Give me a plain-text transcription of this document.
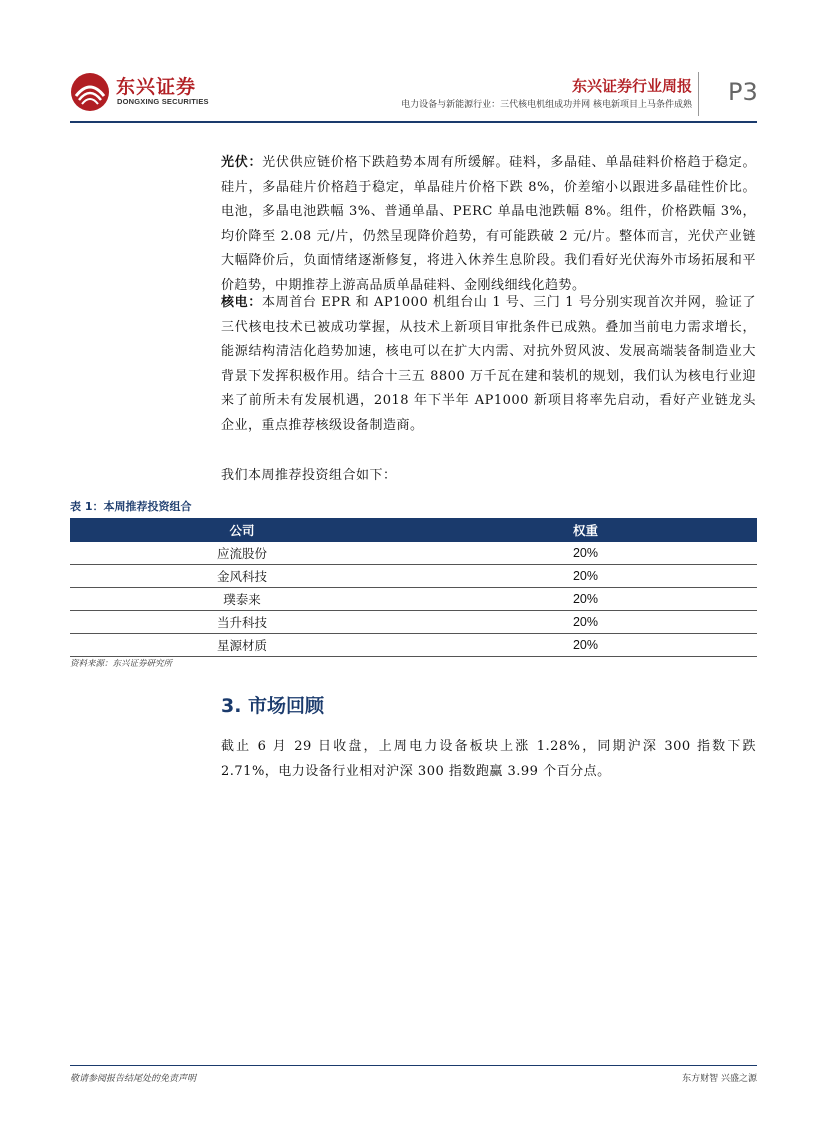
东兴证券
DONGXING SECURITIES
东兴证券行业周报
电力设备与新能源行业：三代核电机组成功并网 核电新项目上马条件成熟 P3
光伏：光伏供应链价格下跌趋势本周有所缓解。硅料，多晶硅、单晶硅料价格趋于稳定。硅片，多晶硅片价格趋于稳定，单晶硅片价格下跌 8%，价差缩小以跟进多晶硅性价比。电池，多晶电池跌幅 3%、普通单晶、PERC 单晶电池跌幅 8%。组件，价格跌幅 3%，均价降至 2.08 元/片，仍然呈现降价趋势，有可能跌破 2 元/片。整体而言，光伏产业链大幅降价后，负面情绪逐渐修复，将进入休养生息阶段。我们看好光伏海外市场拓展和平价趋势，中期推荐上游高品质单晶硅料、金刚线细线化趋势。
核电：本周首台 EPR 和 AP1000 机组台山 1 号、三门 1 号分别实现首次并网，验证了三代核电技术已被成功掌握，从技术上新项目审批条件已成熟。叠加当前电力需求增长，能源结构清洁化趋势加速，核电可以在扩大内需、对抗外贸风波、发展高端装备制造业大背景下发挥积极作用。结合十三五 8800 万千瓦在建和装机的规划，我们认为核电行业迎来了前所未有发展机遇，2018 年下半年 AP1000 新项目将率先启动，看好产业链龙头企业，重点推荐核级设备制造商。
我们本周推荐投资组合如下：
表 1：本周推荐投资组合
公司	权重
应流股份	20%
金风科技	20%
璞泰来	20%
当升科技	20%
星源材质	20%
资料来源：东兴证券研究所
3. 市场回顾
截止 6 月 29 日收盘，上周电力设备板块上涨 1.28%，同期沪深 300 指数下跌 2.71%，电力设备行业相对沪深 300 指数跑赢 3.99 个百分点。
敬请参阅报告结尾处的免责声明	东方财智 兴盛之源
